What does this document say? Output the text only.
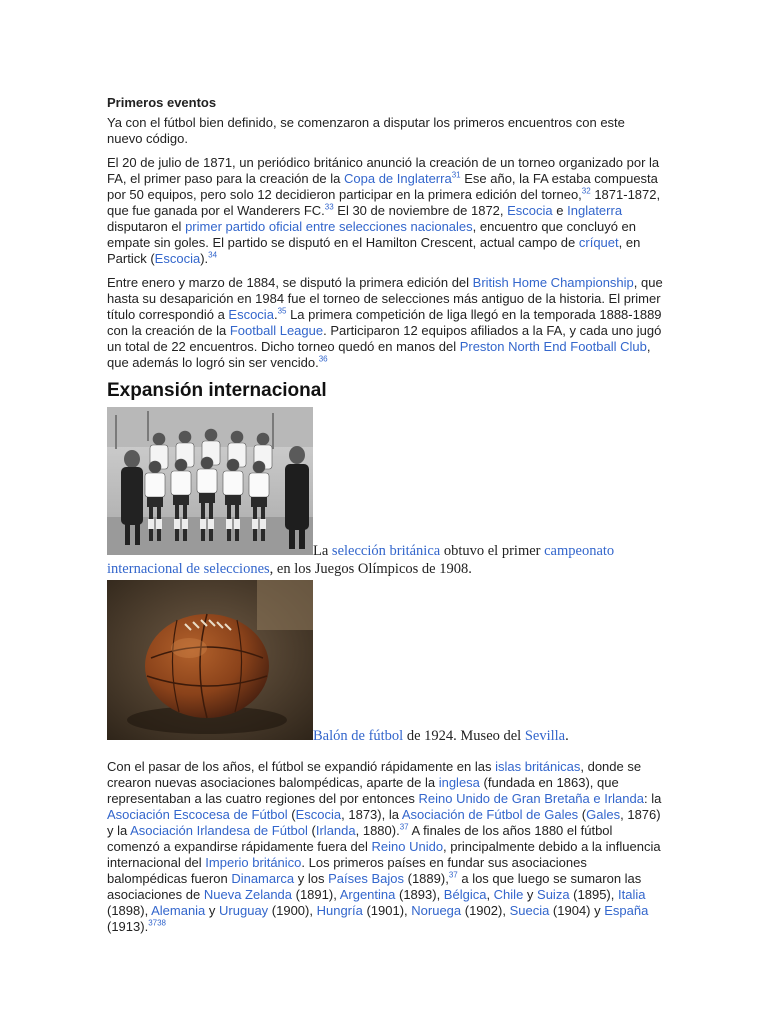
Primeros eventos

Ya con el fútbol bien definido, se comenzaron a disputar los primeros encuentros con este nuevo código.

El 20 de julio de 1871, un periódico británico anunció la creación de un torneo organizado por la FA, el primer paso para la creación de la Copa de Inglaterra$^{31}$ Ese año, la FA estaba compuesta por 50 equipos, pero solo 12 decidieron participar en la primera edición del torneo,$^{32}$ 1871-1872, que fue ganada por el Wanderers FC.$^{33}$ El 30 de noviembre de 1872, Escocia e Inglaterra disputaron el primer partido oficial entre selecciones nacionales, encuentro que concluyó en empate sin goles. El partido se disputó en el Hamilton Crescent, actual campo de críquet, en Partick (Escocia).$^{34}$

Entre enero y marzo de 1884, se disputó la primera edición del British Home Championship, que hasta su desaparición en 1984 fue el torneo de selecciones más antiguo de la historia. El primer título correspondió a Escocia.$^{35}$ La primera competición de liga llegó en la temporada 1888-1889 con la creación de la Football League. Participaron 12 equipos afiliados a la FA, y cada uno jugó un total de 22 encuentros. Dicho torneo quedó en manos del Preston North End Football Club, que además lo logró sin ser vencido.$^{36}$

Expansión internacional
La selección británica obtuvo el primer campeonato internacional de selecciones, en los Juegos Olímpicos de 1908.
Balón de fútbol de 1924. Museo del Sevilla.

Con el pasar de los años, el fútbol se expandió rápidamente en las islas británicas, donde se crearon nuevas asociaciones balompédicas, aparte de la inglesa (fundada en 1863), que representaban a las cuatro regiones del por entonces Reino Unido de Gran Bretaña e Irlanda: la Asociación Escocesa de Fútbol (Escocia, 1873), la Asociación de Fútbol de Gales (Gales, 1876) y la Asociación Irlandesa de Fútbol (Irlanda, 1880).$^{37}$ A finales de los años 1880 el fútbol comenzó a expandirse rápidamente fuera del Reino Unido, principalmente debido a la influencia internacional del Imperio británico. Los primeros países en fundar sus asociaciones balompédicas fueron Dinamarca y los Países Bajos (1889),$^{37}$ a los que luego se sumaron las asociaciones de Nueva Zelanda (1891), Argentina (1893), Bélgica, Chile y Suiza (1895), Italia (1898), Alemania y Uruguay (1900), Hungría (1901), Noruega (1902), Suecia (1904) y España (1913).$^{3738}$
